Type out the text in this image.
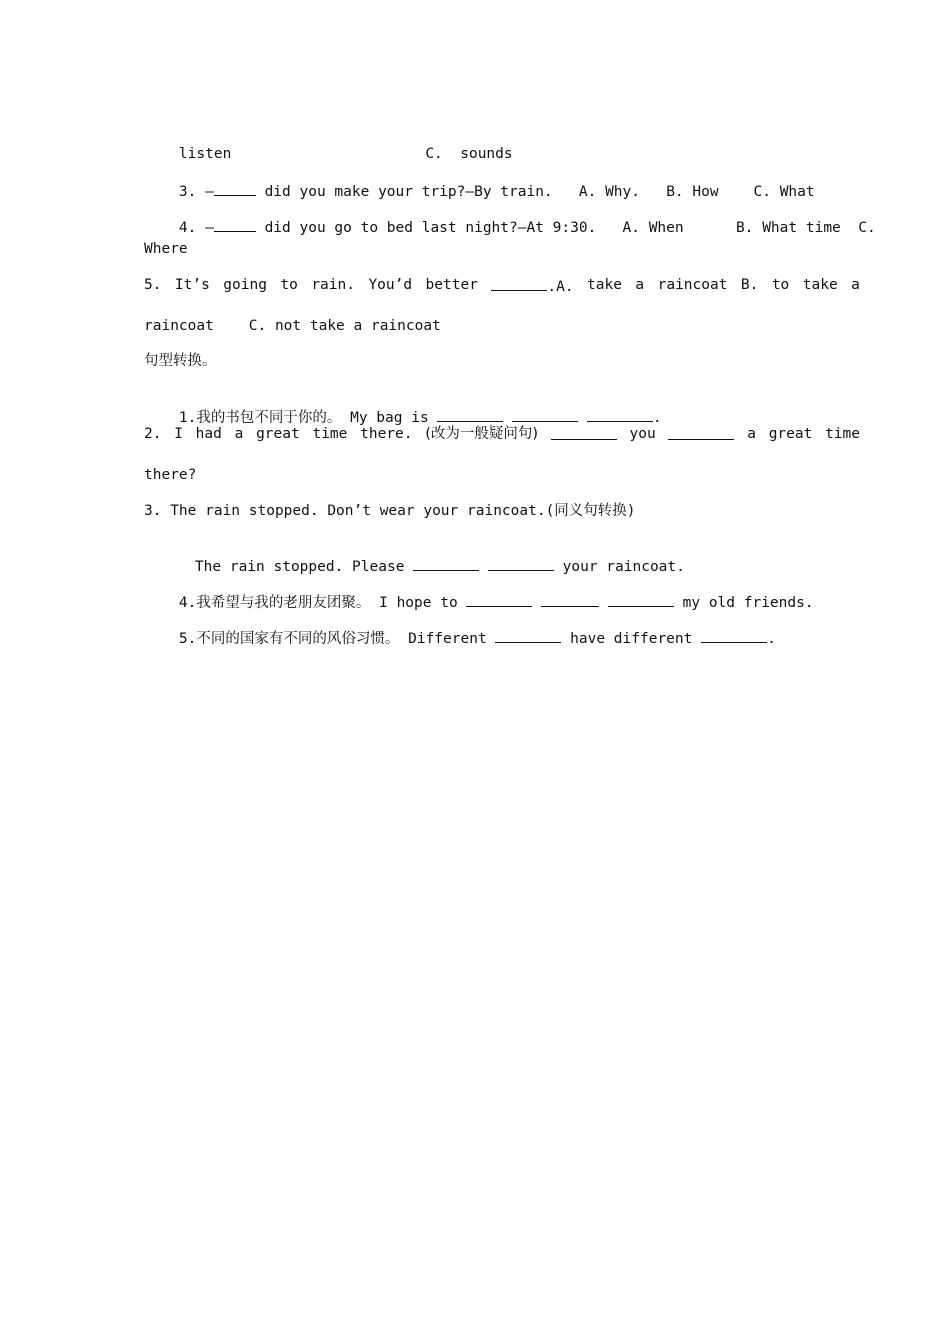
listen	C.  sounds

3. —	did you make your trip?—By train. A. Why. B. How C. What

4. —	did you go to bed last night?—At 9:30. A. When	B. What time C.

Where
5. It’s going to rain. You’d better	.A. take a raincoat B. to take a
raincoat    C. not take a raincoat
句型转换。

1.我的书包不同于你的。 My bag is	.

2. I had a great time there. (改为一般疑问句)	you	a great time
there?
3. The rain stopped. Don’t wear your raincoat.(同义句转换)

The rain stopped. Please	your raincoat.

4.我希望与我的老朋友团聚。 I hope to	my old friends.

5.不同的国家有不同的风俗习惯。 Different	have different	.
